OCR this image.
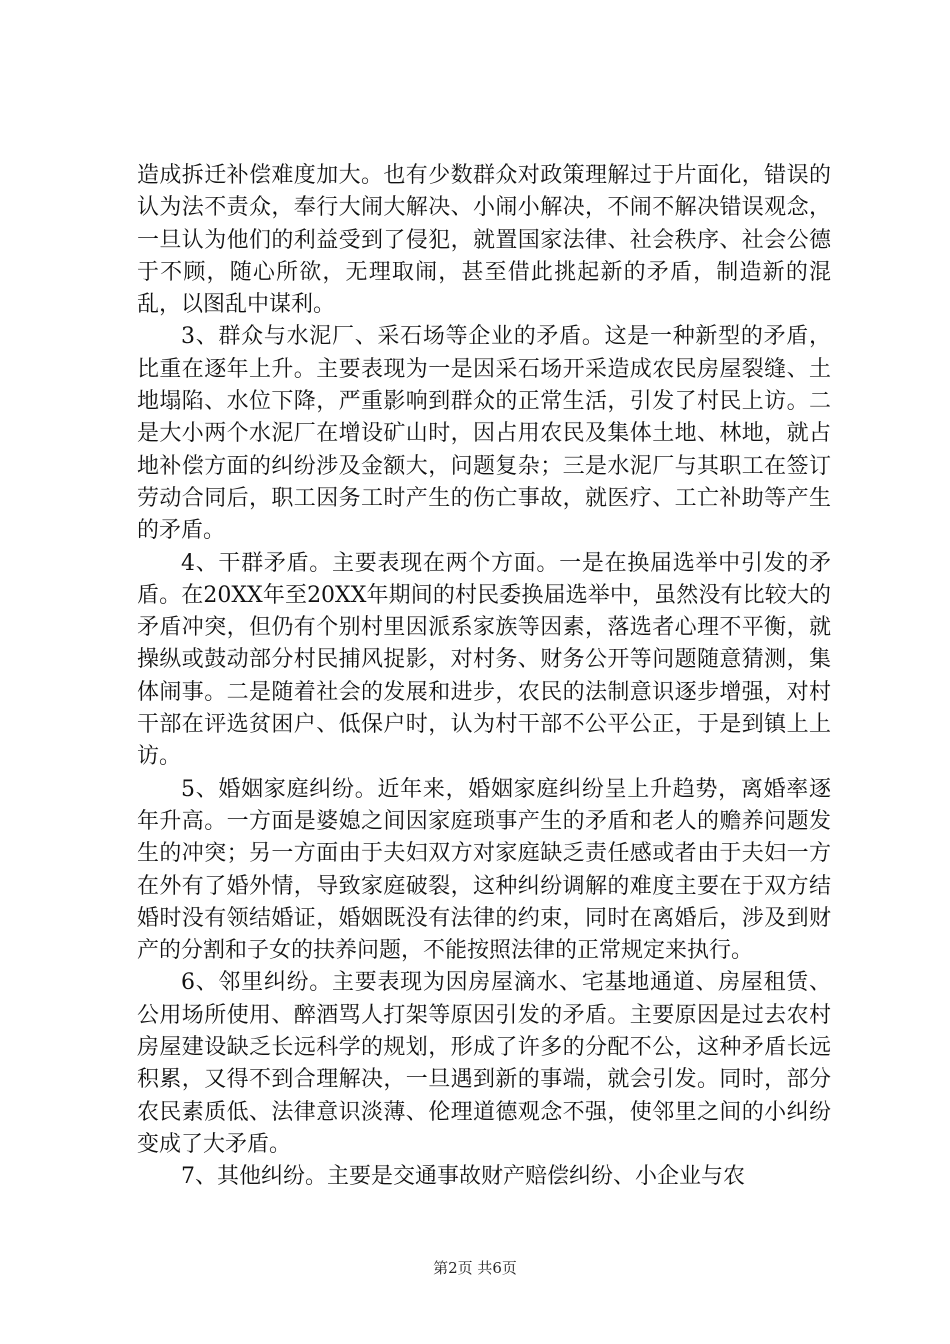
造成拆迁补偿难度加大。也有少数群众对政策理解过于片面化，错误的认为法不责众，奉行大闹大解决、小闹小解决，不闹不解决错误观念，一旦认为他们的利益受到了侵犯，就置国家法律、社会秩序、社会公德于不顾，随心所欲，无理取闹，甚至借此挑起新的矛盾，制造新的混乱，以图乱中谋利。

3、群众与水泥厂、采石场等企业的矛盾。这是一种新型的矛盾，比重在逐年上升。主要表现为一是因采石场开采造成农民房屋裂缝、土地塌陷、水位下降，严重影响到群众的正常生活，引发了村民上访。二是大小两个水泥厂在增设矿山时，因占用农民及集体土地、林地，就占地补偿方面的纠纷涉及金额大，问题复杂；三是水泥厂与其职工在签订劳动合同后，职工因务工时产生的伤亡事故，就医疗、工亡补助等产生的矛盾。

4、干群矛盾。主要表现在两个方面。一是在换届选举中引发的矛盾。在20XX年至20XX年期间的村民委换届选举中，虽然没有比较大的矛盾冲突，但仍有个别村里因派系家族等因素，落选者心理不平衡，就操纵或鼓动部分村民捕风捉影，对村务、财务公开等问题随意猜测，集体闹事。二是随着社会的发展和进步，农民的法制意识逐步增强，对村干部在评选贫困户、低保户时，认为村干部不公平公正，于是到镇上上访。

5、婚姻家庭纠纷。近年来，婚姻家庭纠纷呈上升趋势，离婚率逐年升高。一方面是婆媳之间因家庭琐事产生的矛盾和老人的赡养问题发生的冲突；另一方面由于夫妇双方对家庭缺乏责任感或者由于夫妇一方在外有了婚外情，导致家庭破裂，这种纠纷调解的难度主要在于双方结婚时没有领结婚证，婚姻既没有法律的约束，同时在离婚后，涉及到财产的分割和子女的扶养问题，不能按照法律的正常规定来执行。

6、邻里纠纷。主要表现为因房屋滴水、宅基地通道、房屋租赁、公用场所使用、醉酒骂人打架等原因引发的矛盾。主要原因是过去农村房屋建设缺乏长远科学的规划，形成了许多的分配不公，这种矛盾长远积累，又得不到合理解决，一旦遇到新的事端，就会引发。同时，部分农民素质低、法律意识淡薄、伦理道德观念不强，使邻里之间的小纠纷变成了大矛盾。

7、其他纠纷。主要是交通事故财产赔偿纠纷、小企业与农

第2页 共6页
